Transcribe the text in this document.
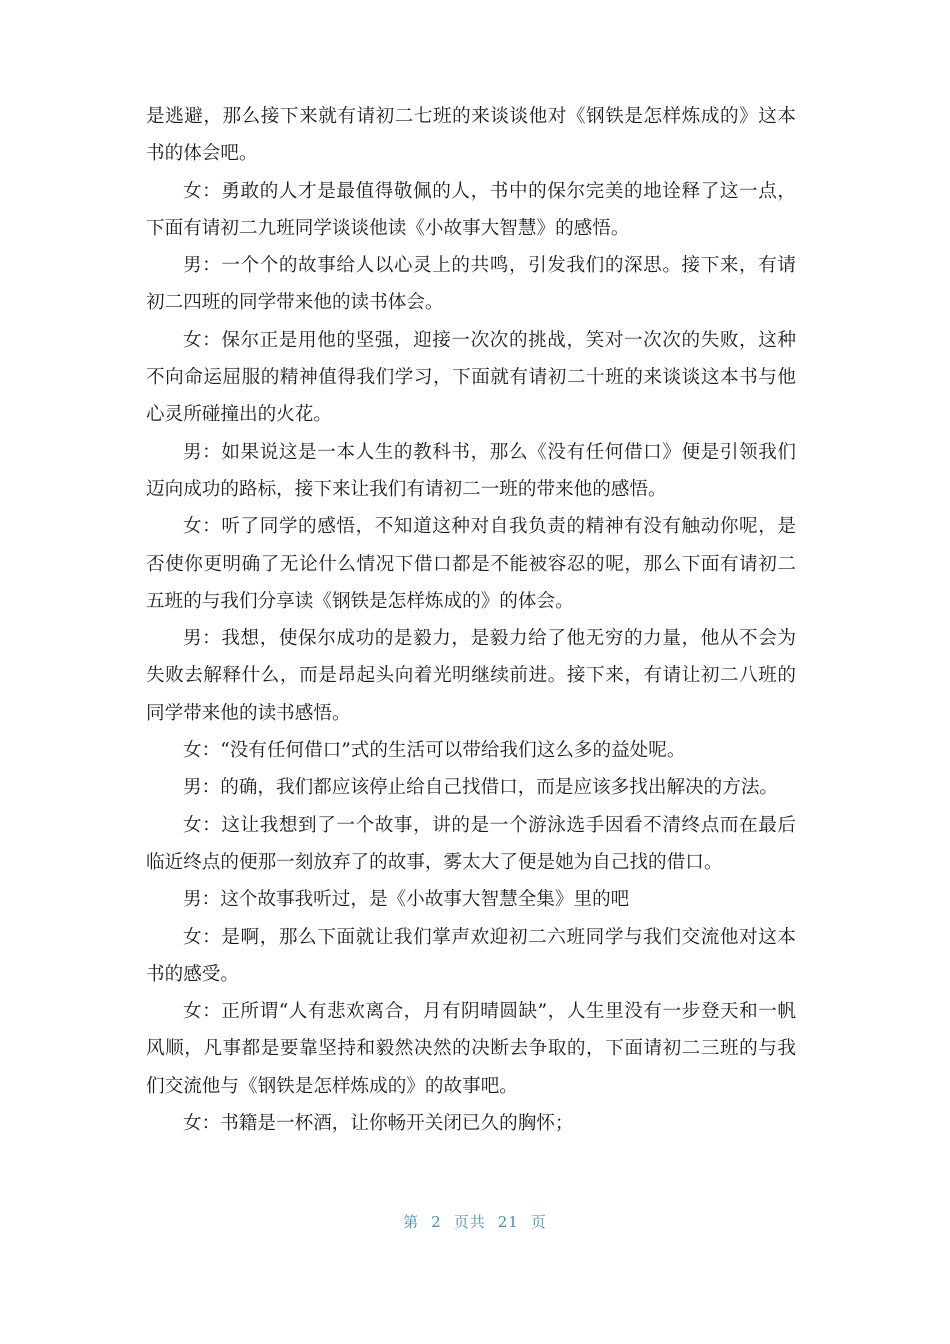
是逃避，那么接下来就有请初二七班的来谈谈他对《钢铁是怎样炼成的》这本书的体会吧。

女：勇敢的人才是最值得敬佩的人，书中的保尔完美的地诠释了这一点，下面有请初二九班同学谈谈他读《小故事大智慧》的感悟。

男：一个个的故事给人以心灵上的共鸣，引发我们的深思。接下来，有请初二四班的同学带来他的读书体会。

女：保尔正是用他的坚强，迎接一次次的挑战，笑对一次次的失败，这种不向命运屈服的精神值得我们学习，下面就有请初二十班的来谈谈这本书与他心灵所碰撞出的火花。

男：如果说这是一本人生的教科书，那么《没有任何借口》便是引领我们迈向成功的路标，接下来让我们有请初二一班的带来他的感悟。

女：听了同学的感悟，不知道这种对自我负责的精神有没有触动你呢，是否使你更明确了无论什么情况下借口都是不能被容忍的呢，那么下面有请初二五班的与我们分享读《钢铁是怎样炼成的》的体会。

男：我想，使保尔成功的是毅力，是毅力给了他无穷的力量，他从不会为失败去解释什么，而是昂起头向着光明继续前进。接下来，有请让初二八班的同学带来他的读书感悟。

女：“没有任何借口”式的生活可以带给我们这么多的益处呢。

男：的确，我们都应该停止给自己找借口，而是应该多找出解决的方法。

女：这让我想到了一个故事，讲的是一个游泳选手因看不清终点而在最后临近终点的便那一刻放弃了的故事，雾太大了便是她为自己找的借口。

男：这个故事我听过，是《小故事大智慧全集》里的吧

女：是啊，那么下面就让我们掌声欢迎初二六班同学与我们交流他对这本书的感受。

女：正所谓“人有悲欢离合，月有阴晴圆缺”，人生里没有一步登天和一帆风顺，凡事都是要靠坚持和毅然决然的决断去争取的，下面请初二三班的与我们交流他与《钢铁是怎样炼成的》的故事吧。

女：书籍是一杯酒，让你畅开关闭已久的胸怀；

第 2 页共 21 页
